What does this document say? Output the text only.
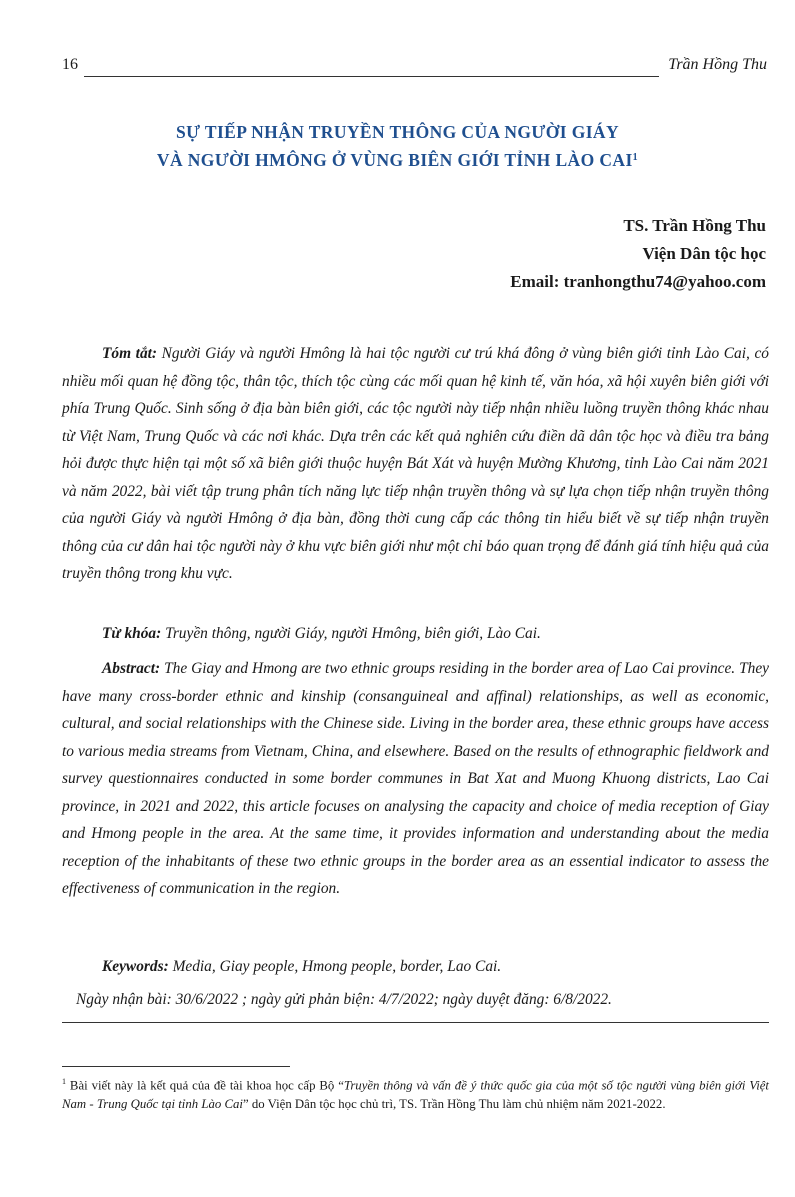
16	Trần Hồng Thu
SỰ TIẾP NHẬN TRUYỀN THÔNG CỦA NGƯỜI GIÁY
VÀ NGƯỜI HMÔNG Ở VÙNG BIÊN GIỚI TỈNH LÀO CAI$^1$
TS. Trần Hồng Thu
Viện Dân tộc học
Email: tranhongthu74@yahoo.com
Tóm tắt: Người Giáy và người Hmông là hai tộc người cư trú khá đông ở vùng biên giới tỉnh Lào Cai, có nhiều mối quan hệ đồng tộc, thân tộc, thích tộc cùng các mối quan hệ kinh tế, văn hóa, xã hội xuyên biên giới với phía Trung Quốc. Sinh sống ở địa bàn biên giới, các tộc người này tiếp nhận nhiều luồng truyền thông khác nhau từ Việt Nam, Trung Quốc và các nơi khác. Dựa trên các kết quả nghiên cứu điền dã dân tộc học và điều tra bảng hỏi được thực hiện tại một số xã biên giới thuộc huyện Bát Xát và huyện Mường Khương, tỉnh Lào Cai năm 2021 và năm 2022, bài viết tập trung phân tích năng lực tiếp nhận truyền thông và sự lựa chọn tiếp nhận truyền thông của người Giáy và người Hmông ở địa bàn, đồng thời cung cấp các thông tin hiểu biết về sự tiếp nhận truyền thông của cư dân hai tộc người này ở khu vực biên giới như một chỉ báo quan trọng để đánh giá tính hiệu quả của truyền thông trong khu vực.
Từ khóa: Truyền thông, người Giáy, người Hmông, biên giới, Lào Cai.
Abstract: The Giay and Hmong are two ethnic groups residing in the border area of Lao Cai province. They have many cross-border ethnic and kinship (consanguineal and affinal) relationships, as well as economic, cultural, and social relationships with the Chinese side. Living in the border area, these ethnic groups have access to various media streams from Vietnam, China, and elsewhere. Based on the results of ethnographic fieldwork and survey questionnaires conducted in some border communes in Bat Xat and Muong Khuong districts, Lao Cai province, in 2021 and 2022, this article focuses on analysing the capacity and choice of media reception of Giay and Hmong people in the area. At the same time, it provides information and understanding about the media reception of the inhabitants of these two ethnic groups in the border area as an essential indicator to assess the effectiveness of communication in the region.
Keywords: Media, Giay people, Hmong people, border, Lao Cai.
Ngày nhận bài: 30/6/2022 ; ngày gửi phản biện: 4/7/2022; ngày duyệt đăng: 6/8/2022.
$^1$ Bài viết này là kết quả của đề tài khoa học cấp Bộ “Truyền thông và vấn đề ý thức quốc gia của một số tộc người vùng biên giới Việt Nam - Trung Quốc tại tỉnh Lào Cai” do Viện Dân tộc học chủ trì, TS. Trần Hồng Thu làm chủ nhiệm năm 2021-2022.
